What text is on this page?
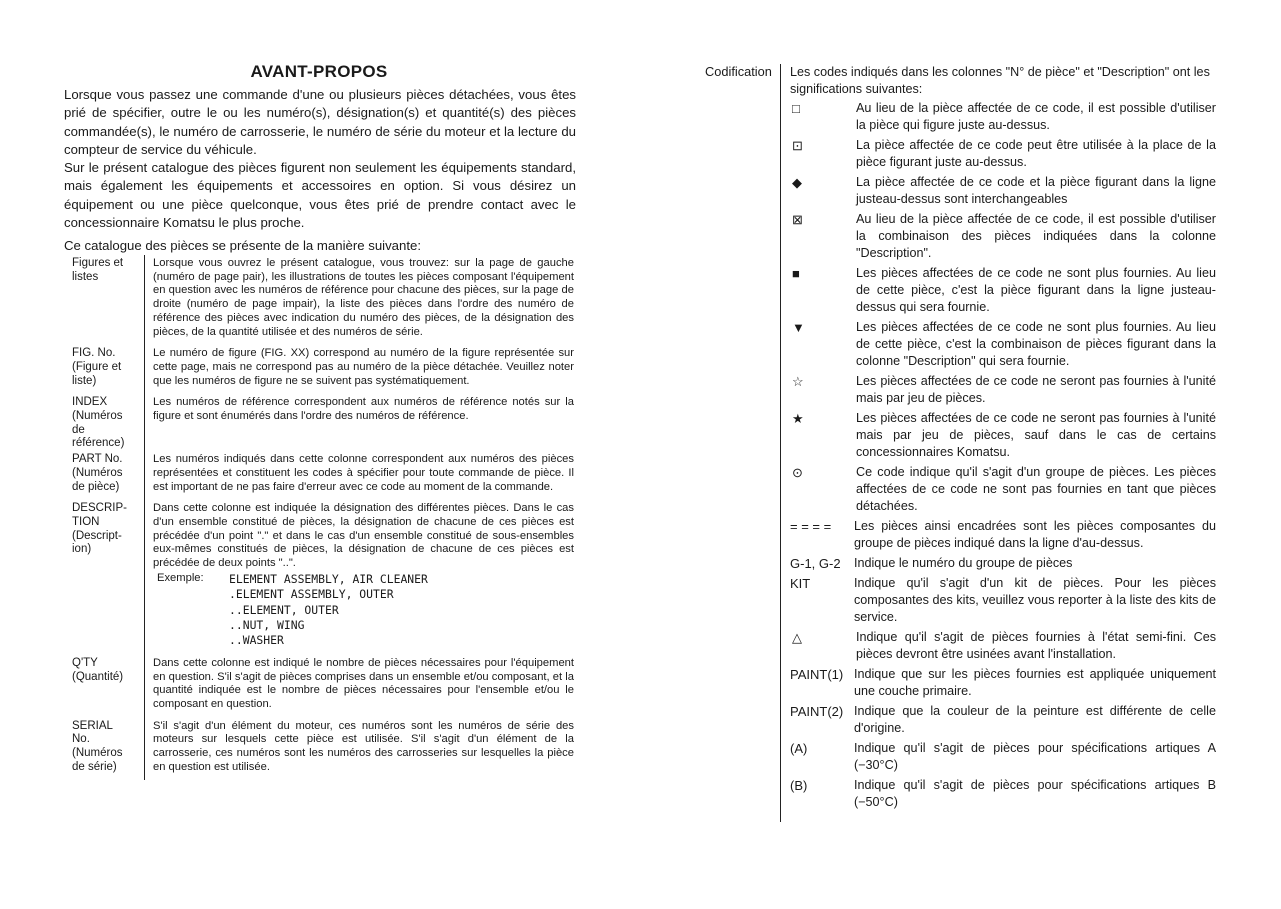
AVANT-PROPOS

Lorsque vous passez une commande d'une ou plusieurs pièces détachées, vous êtes prié de spécifier, outre le ou les numéro(s), désignation(s) et quantité(s) des pièces commandée(s), le numéro de carrosserie, le numéro de série du moteur et la lecture du compteur de service du véhicule.

Sur le présent catalogue des pièces figurent non seulement les équipements standard, mais également les équipements et accessoires en option. Si vous désirez un équipement ou une pièce quelconque, vous êtes prié de prendre contact avec le concessionnaire Komatsu le plus proche.

Ce catalogue des pièces se présente de la manière suivante:

Figures et
listes
Lorsque vous ouvrez le présent catalogue, vous trouvez: sur la page de gauche (numéro de page pair), les illustrations de toutes les pièces composant l'équipement en question avec les numéros de référence pour chacune des pièces, sur la page de droite (numéro de page impair), la liste des pièces dans l'ordre des numéro de référence des pièces avec indication du numéro des pièces, de la désignation des pièces, de la quantité utilisée et des numéros de série.
FIG. No.
(Figure et
liste)
Le numéro de figure (FIG. XX) correspond au numéro de la figure représentée sur cette page, mais ne correspond pas au numéro de la pièce détachée. Veuillez noter que les numéros de figure ne se suivent pas systématiquement.
INDEX
(Numéros
de
référence)
Les numéros de référence correspondent aux numéros de référence notés sur la figure et sont énumérés dans l'ordre des numéros de référence.
PART No.
(Numéros
de pièce)
Les numéros indiqués dans cette colonne correspondent aux numéros des pièces représentées et constituent les codes à spécifier pour toute commande de pièce. Il est important de ne pas faire d'erreur avec ce code au moment de la commande.
DESCRIP-
TION
(Descript-
ion)
Dans cette colonne est indiquée la désignation des différentes pièces. Dans le cas d'un ensemble constitué de pièces, la désignation de chacune de ces pièces est précédée d'un point "." et dans le cas d'un ensemble constitué de sous-ensembles eux-mêmes constitués de pièces, la désignation de chacune de ces pièces est précédée de deux points "..".
Exemple:	ELEMENT ASSEMBLY, AIR CLEANER
.ELEMENT ASSEMBLY, OUTER
..ELEMENT, OUTER
..NUT, WING
..WASHER
Q'TY
(Quantité)
Dans cette colonne est indiqué le nombre de pièces nécessaires pour l'équipement en question. S'il s'agit de pièces comprises dans un ensemble et/ou composant, et la quantité indiquée est le nombre de pièces nécessaires pour l'ensemble et/ou le composant en question.
SERIAL
No.
(Numéros
de série)
S'il s'agit d'un élément du moteur, ces numéros sont les numéros de série des moteurs sur lesquels cette pièce est utilisée. S'il s'agit d'un élément de la carrosserie, ces numéros sont les numéros des carrosseries sur lesquelles la pièce en question est utilisée.
Codification Les codes indiqués dans les colonnes "N° de pièce" et "Description" ont les significations suivantes:

□	Au lieu de la pièce affectée de ce code, il est possible d'utiliser la pièce qui figure juste au-dessus.
⊡	La pièce affectée de ce code peut être utilisée à la place de la pièce figurant juste au-dessus.
◆	La pièce affectée de ce code et la pièce figurant dans la ligne justeau-dessus sont interchangeables
⊠	Au lieu de la pièce affectée de ce code, il est possible d'utiliser la combinaison des pièces indiquées dans la colonne "Description".
■	Les pièces affectées de ce code ne sont plus fournies. Au lieu de cette pièce, c'est la pièce figurant dans la ligne justeau-dessus qui sera fournie.
▼	Les pièces affectées de ce code ne sont plus fournies. Au lieu de cette pièce, c'est la combinaison de pièces figurant dans la colonne "Description" qui sera fournie.
☆	Les pièces affectées de ce code ne seront pas fournies à l'unité mais par jeu de pièces.
★	Les pièces affectées de ce code ne seront pas fournies à l'unité mais par jeu de pièces, sauf dans le cas de certains concessionnaires Komatsu.
⊙	Ce code indique qu'il s'agit d'un groupe de pièces. Les pièces affectées de ce code ne sont pas fournies en tant que pièces détachées.
= = = =	Les pièces ainsi encadrées sont les pièces composantes du groupe de pièces indiqué dans la ligne d'au-dessus.
G-1, G-2	Indique le numéro du groupe de pièces
KIT	Indique qu'il s'agit d'un kit de pièces. Pour les pièces composantes des kits, veuillez vous reporter à la liste des kits de service.
△	Indique qu'il s'agit de pièces fournies à l'état semi-fini. Ces pièces devront être usinées avant l'installation.
PAINT(1) Indique que sur les pièces fournies est appliquée uniquement une couche primaire.
PAINT(2) Indique que la couleur de la peinture est différente de celle d'origine.
(A)	Indique qu'il s'agit de pièces pour spécifications artiques A (−30°C)
(B)	Indique qu'il s'agit de pièces pour spécifications artiques B (−50°C)
